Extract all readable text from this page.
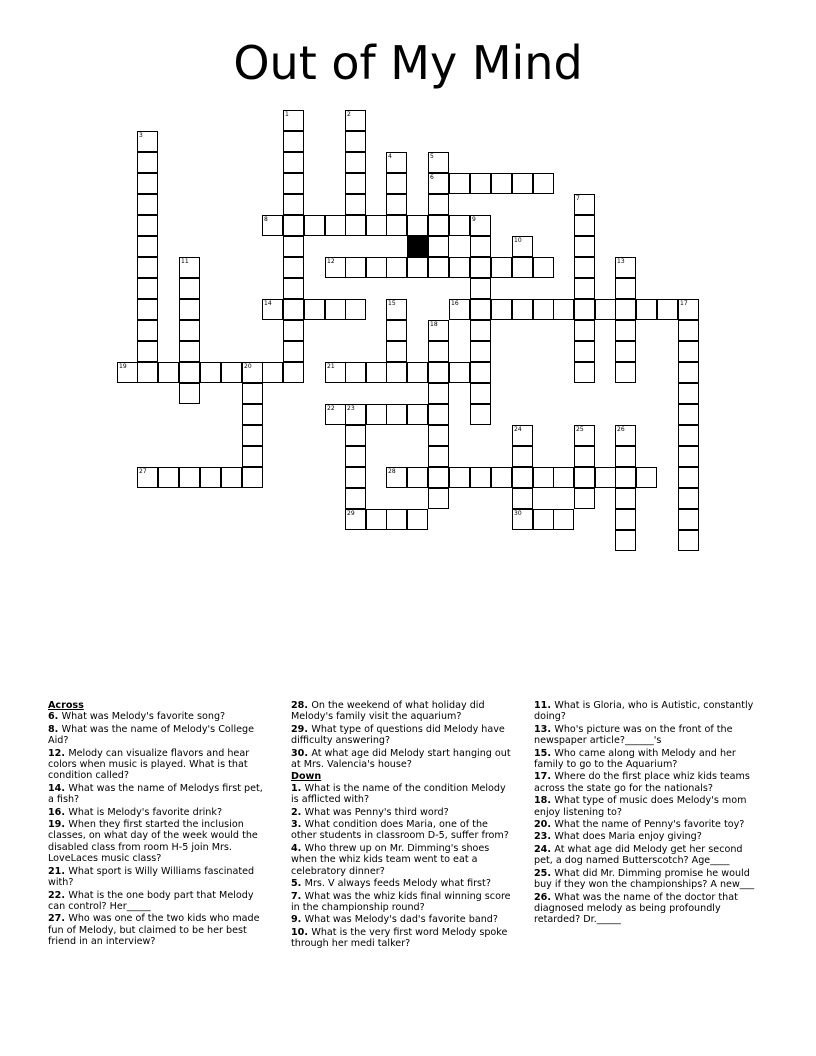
Out of My Mind
1	2
3
4	5
6
7
8	9
10
11	12	13
14	15	16	17
18
19	20	21
22 23
24
30
25	26
27	28
29
Across
6. What was Melody's favorite song?
8. What was the name of Melody's College Aid?
12. Melody can visualize flavors and hear colors when music is played. What is that condition called?
14. What was the name of Melodys first pet, a fish?
16. What is Melody's favorite drink?
19. When they first started the inclusion classes, on what day of the week would the disabled class from room H-5 join Mrs. LoveLaces music class?
21. What sport is Willy Williams fascinated with?
22. What is the one body part that Melody can control? Her_____
27. Who was one of the two kids who made fun of Melody, but claimed to be her best friend in an interview?
28. On the weekend of what holiday did Melody's family visit the aquarium?
29. What type of questions did Melody have difficulty answering?
30. At what age did Melody start hanging out at Mrs. Valencia's house?
Down
1. What is the name of the condition Melody is afflicted with?
2. What was Penny's third word?
3. What condition does Maria, one of the other students in classroom D-5, suffer from?
4. Who threw up on Mr. Dimming's shoes when the whiz kids team went to eat a celebratory dinner?
5. Mrs. V always feeds Melody what first?
7. What was the whiz kids final winning score in the championship round?
9. What was Melody's dad's favorite band?
10. What is the very first word Melody spoke through her medi talker?
11. What is Gloria, who is Autistic, constantly doing?
13. Who's picture was on the front of the newspaper article?______'s
15. Who came along with Melody and her family to go to the Aquarium?
17. Where do the first place whiz kids teams across the state go for the nationals?
18. What type of music does Melody's mom enjoy listening to?
20. What the name of Penny's favorite toy?
23. What does Maria enjoy giving?
24. At what age did Melody get her second pet, a dog named Butterscotch? Age____
25. What did Mr. Dimming promise he would buy if they won the championships? A new___
26. What was the name of the doctor that diagnosed melody as being profoundly retarded? Dr._____
